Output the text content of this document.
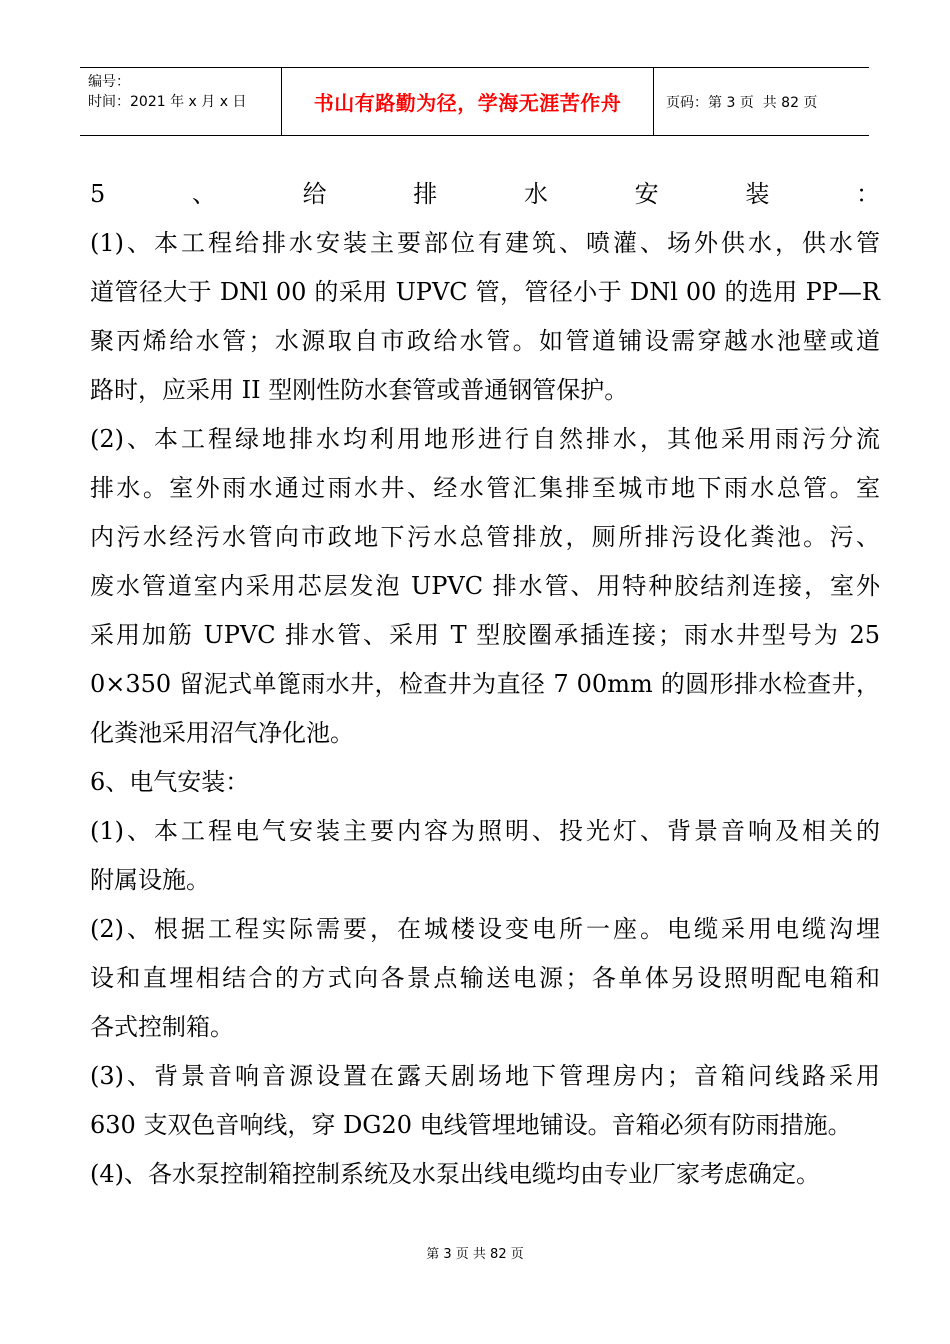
编号：
时间：2021 年 x 月 x 日	书山有路勤为径，学海无涯苦作舟	页码：第 3 页  共 82 页
5、给排水安装：
(1)、本工程给排水安装主要部位有建筑、喷灌、场外供水，供水管
道管径大于 DNl 00 的采用 UPVC 管，管径小于 DNl 00 的选用 PP—R
聚丙烯给水管；水源取自市政给水管。如管道铺设需穿越水池壁或道
路时，应采用 II 型刚性防水套管或普通钢管保护。
(2)、本工程绿地排水均利用地形进行自然排水，其他采用雨污分流
排水。室外雨水通过雨水井、经水管汇集排至城市地下雨水总管。室
内污水经污水管向市政地下污水总管排放，厕所排污设化粪池。污、
废水管道室内采用芯层发泡 UPVC 排水管、用特种胶结剂连接，室外
采用加筋 UPVC 排水管、采用 T 型胶圈承插连接；雨水井型号为 25
0×350 留泥式单篦雨水井，检查井为直径 7 00mm 的圆形排水检查井，
化粪池采用沼气净化池。
6、电气安装：
(1)、本工程电气安装主要内容为照明、投光灯、背景音响及相关的
附属设施。
(2)、根据工程实际需要，在城楼设变电所一座。电缆采用电缆沟埋
设和直埋相结合的方式向各景点输送电源；各单体另设照明配电箱和
各式控制箱。
(3)、背景音响音源设置在露天剧场地下管理房内；音箱问线路采用
630 支双色音响线，穿 DG20 电线管埋地铺设。音箱必须有防雨措施。
(4)、各水泵控制箱控制系统及水泵出线电缆均由专业厂家考虑确定。
第 3 页 共 82 页
